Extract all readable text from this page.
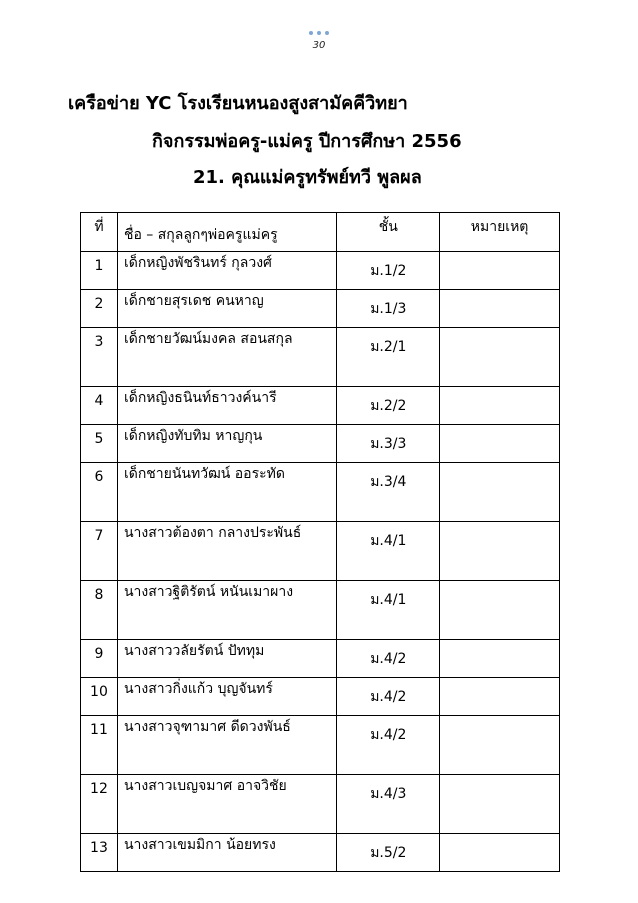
30
เครือข่าย YC โรงเรียนหนองสูงสามัคคีวิทยา
กิจกรรมพ่อครู-แม่ครู ปีการศึกษา 2556
21. คุณแม่ครูทรัพย์ทวี พูลผล
ที่	ชื่อ – สกุลลูกๆพ่อครูแม่ครู	ชั้น	หมายเหตุ

1	เด็กหญิงพัชรินทร์ กุลวงศ์	ม.1/2	
2	เด็กชายสุรเดช คนหาญ	ม.1/3	
3	เด็กชายวัฒน์มงคล สอนสกุล	ม.2/1	
4	เด็กหญิงธนินท์ธาวงค์นารี	ม.2/2	
5	เด็กหญิงทับทิม หาญกุน	ม.3/3	
6	เด็กชายนันทวัฒน์ ออระทัด	ม.3/4	
7	นางสาวต้องตา กลางประพันธ์	ม.4/1	
8	นางสาวฐิติรัตน์ หนันเมาผาง	ม.4/1	
9	นางสาววลัยรัตน์ ปัททุม	ม.4/2	
10	นางสาวกิ่งแก้ว บุญจันทร์	ม.4/2	
11	นางสาวจุฑามาศ ดีดวงพันธ์	ม.4/2	
12	นางสาวเบญจมาศ อาจวิชัย	ม.4/3	
13	นางสาวเขมมิกา น้อยทรง	ม.5/2	
